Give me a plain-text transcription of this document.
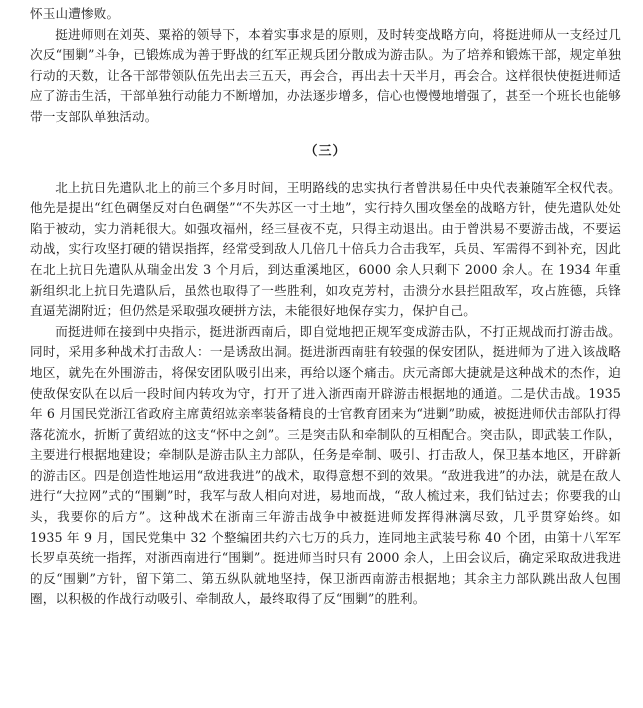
怀玉山遭惨败。

挺进师则在刘英、粟裕的领导下，本着实事求是的原则，及时转变战略方向，将挺进师从一支经过几次反“围剿”斗争，已锻炼成为善于野战的红军正规兵团分散成为游击队。为了培养和锻炼干部，规定单独行动的天数，让各干部带领队伍先出去三五天，再会合，再出去十天半月，再会合。这样很快使挺进师适应了游击生活，干部单独行动能力不断增加，办法逐步增多，信心也慢慢地增强了，甚至一个班长也能够带一支部队单独活动。

（三）

北上抗日先遣队北上的前三个多月时间，王明路线的忠实执行者曾洪易任中央代表兼随军全权代表。他先是提出“红色碉堡反对白色碉堡”“不失苏区一寸土地”，实行持久围攻堡垒的战略方针，使先遣队处处陷于被动，实力消耗很大。如强攻福州，经三昼夜不克，只得主动退出。由于曾洪易不要游击战，不要运动战，实行攻坚打硬的错误指挥，经常受到敌人几倍几十倍兵力合击我军，兵员、军需得不到补充，因此在北上抗日先遣队从瑞金出发 3 个月后，到达重溪地区，6000 余人只剩下 2000 余人。在 1934 年重新组织北上抗日先遣队后，虽然也取得了一些胜利，如攻克芳村，击溃分水县拦阻敌军，攻占旌德，兵锋直逼芜湖附近；但仍然是采取强攻硬拼方法，未能很好地保存实力，保护自己。

而挺进师在接到中央指示，挺进浙西南后，即自觉地把正规军变成游击队，不打正规战而打游击战。同时，采用多种战术打击敌人：一是诱敌出洞。挺进浙西南驻有较强的保安团队，挺进师为了进入该战略地区，就先在外围游击，将保安团队吸引出来，再给以逐个痛击。庆元斋郎大捷就是这种战术的杰作，迫使敌保安队在以后一段时间内转攻为守，打开了进入浙西南开辟游击根据地的通道。二是伏击战。1935 年 6 月国民党浙江省政府主席黄绍竑亲率装备精良的士官教育团来为“进剿”助威，被挺进师伏击部队打得落花流水，折断了黄绍竑的这支“怀中之剑”。三是突击队和牵制队的互相配合。突击队，即武装工作队，主要进行根据地建设；牵制队是游击队主力部队，任务是牵制、吸引、打击敌人，保卫基本地区，开辟新的游击区。四是创造性地运用“敌进我进”的战术，取得意想不到的效果。“敌进我进”的办法，就是在敌人进行“大拉网”式的“围剿”时，我军与敌人相向对进，易地而战，“敌人梳过来，我们钻过去；你要我的山头，我要你的后方”。这种战术在浙南三年游击战争中被挺进师发挥得淋漓尽致，几乎贯穿始终。如 1935 年 9 月，国民党集中 32 个整编团共约六七万的兵力，连同地主武装号称 40 个团，由第十八军军长罗卓英统一指挥，对浙西南进行“围剿”。挺进师当时只有 2000 余人，上田会议后，确定采取敌进我进的反“围剿”方针，留下第二、第五纵队就地坚持，保卫浙西南游击根据地；其余主力部队跳出敌人包围圈，以积极的作战行动吸引、牵制敌人，最终取得了反“围剿”的胜利。
